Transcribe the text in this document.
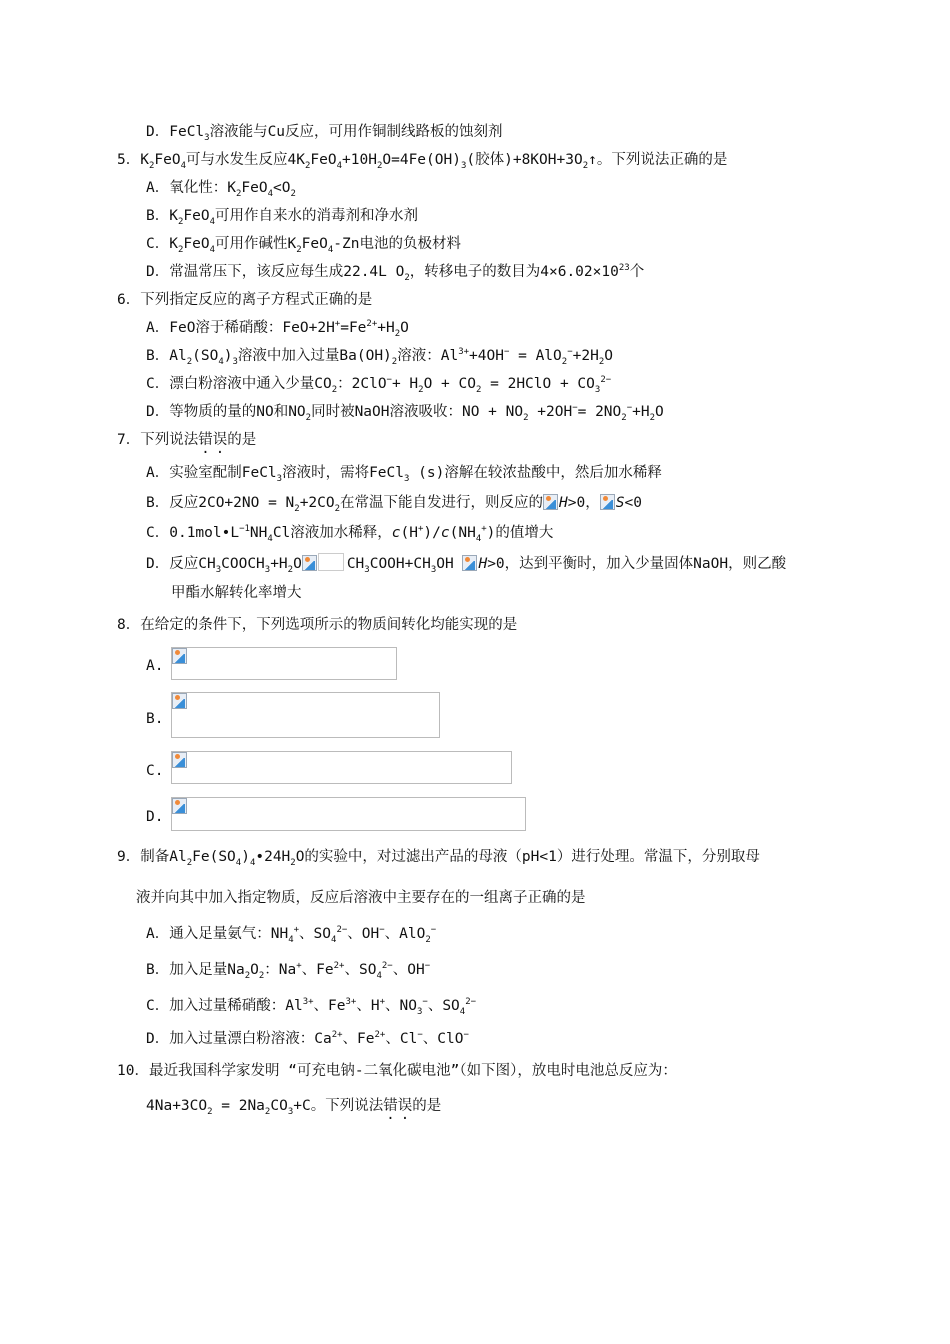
D．FeCl$_3$溶液能与Cu反应，可用作铜制线路板的蚀刻剂
5．$K_2FeO_4$可与水发生反应$4K_2FeO_4+10H_2O=4Fe(OH)_3$(胶体)$+8KOH+3O_2↑$。下列说法正确的是
A．氧化性：$K_2FeO_4<O_2$
B．$K_2FeO_4$可用作自来水的消毒剂和净水剂
C．$K_2FeO_4$可用作碱性$K_2FeO_4-Zn$电池的负极材料
D．常温常压下，该反应每生成22.4L $O_2$，转移电子的数目为$4\times 6.02\times 10^{23}$个
6．下列指定反应的离子方程式正确的是
A．FeO溶于稀硝酸：$FeO+2H^+=Fe^{2+}+H_2O$
B．$Al_2(SO_4)_3$溶液中加入过量$Ba(OH)_2$溶液：$Al^{3+}+4OH^- = AlO_2^-+2H_2O$
C．漂白粉溶液中通入少量$CO_2$：$2ClO^-+ H_2O + CO_2$ = 2HClO + $CO_3^{2-}$
D．等物质的量的NO和$NO_2$同时被NaOH溶液吸收：NO + $NO_2 +2OH^-= 2NO_2^-+H_2O$
7．下列说法错误的是
A．实验室配制FeCl$_3$溶液时，需将FeCl$_3$ (s)溶解在较浓盐酸中，然后加水稀释
B．反应$2CO+2NO = N_2+2CO_2$在常温下能自发进行，则反应的 H>0， S<0
C．$0.1mol•L^{-1}NH_4Cl$溶液加水稀释，$c(H^+)/c(NH_4^+)$的值增大
D．反应$CH_3COOCH_3+H_2O$	$CH_3COOH+CH_3OH$ H>0，达到平衡时，加入少量固体NaOH，则乙酸
甲酯水解转化率增大
8．在给定的条件下，下列选项所示的物质间转化均能实现的是
A.
B.
C.
D.
9．制备$Al_2Fe(SO_4)_4•24H_2O$的实验中，对过滤出产品的母液（pH<1）进行处理。常温下，分别取母
液并向其中加入指定物质，反应后溶液中主要存在的一组离子正确的是
A．通入足量氨气：$NH_4^+$、$SO_4^{2-}$、OH−、AlO$_2$−
B．加入足量$Na_2O_2$：Na+、$Fe^{2+}$、$SO_4^{2-}$、OH−
C．加入过量稀硝酸：$Al^{3+}$、$Fe^{3+}$、H+、$NO_3^-$、$SO_4^{2-}$
D．加入过量漂白粉溶液：$Ca^{2+}$、$Fe^{2+}$、Cl−、ClO−
10．最近我国科学家发明 “可充电钠-二氧化碳电池”（如下图），放电时电池总反应为：
$4Na+3CO_2 = 2Na_2CO_3+C$。下列说法错误的是
